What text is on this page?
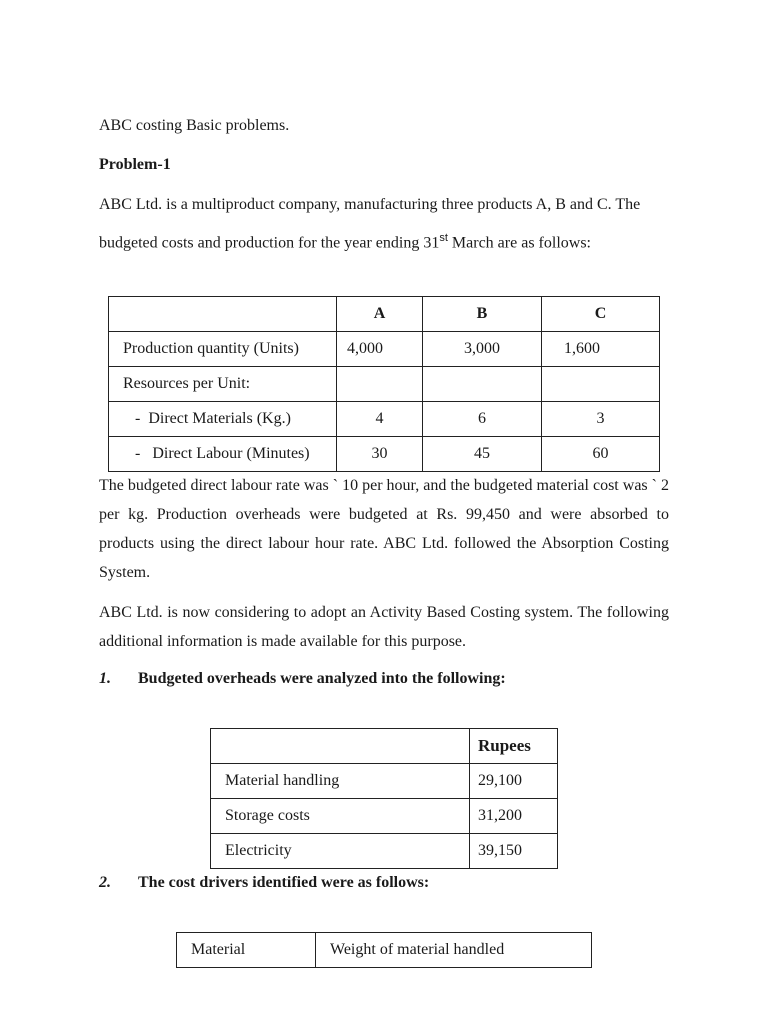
ABC costing Basic problems.
Problem-1
ABC Ltd. is a multiproduct company, manufacturing three products A, B and C. The
budgeted costs and production for the year ending 31st March are as follows:
	A	B	C
Production quantity (Units)	4,000	3,000	1,600
Resources per Unit:			
-  Direct Materials (Kg.)	4	6	3
-   Direct Labour (Minutes)	30	45	60
The budgeted direct labour rate was ` 10 per hour, and the budgeted material cost was ` 2 per kg. Production overheads were budgeted at Rs. 99,450 and were absorbed to products using the direct labour hour rate. ABC Ltd. followed the Absorption Costing System.
ABC Ltd. is now considering to adopt an Activity Based Costing system. The following additional information is made available for this purpose.
1. Budgeted overheads were analyzed into the following:
	Rupees
Material handling	29,100
Storage costs	31,200
Electricity	39,150
2. The cost drivers identified were as follows:
Material	Weight of material handled
